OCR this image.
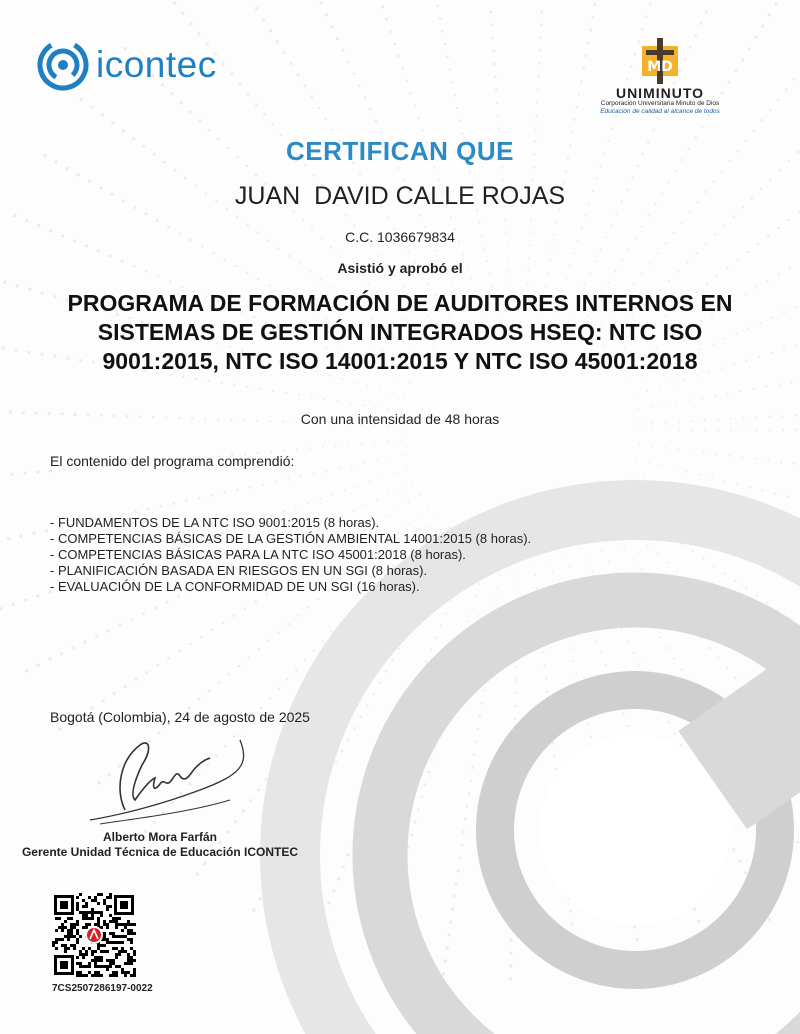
icontec	MD
UNIMINUTO
Corporación Universitaria Minuto de Dios
Educación de calidad al alcance de todos
CERTIFICAN QUE
JUAN  DAVID CALLE ROJAS
C.C. 1036679834
Asistió y aprobó el
PROGRAMA DE FORMACIÓN DE AUDITORES INTERNOS EN SISTEMAS DE GESTIÓN INTEGRADOS HSEQ: NTC ISO 9001:2015, NTC ISO 14001:2015 Y NTC ISO 45001:2018
Con una intensidad de 48 horas
El contenido del programa comprendió:
- FUNDAMENTOS DE LA NTC ISO 9001:2015 (8 horas).
- COMPETENCIAS BÁSICAS DE LA GESTIÓN AMBIENTAL 14001:2015 (8 horas).
- COMPETENCIAS BÁSICAS PARA LA NTC ISO 45001:2018 (8 horas).
- PLANIFICACIÓN BASADA EN RIESGOS EN UN SGI (8 horas).
- EVALUACIÓN DE LA CONFORMIDAD DE UN SGI (16 horas).
Bogotá (Colombia), 24 de agosto de 2025
Alberto Mora Farfán
Gerente Unidad Técnica de Educación ICONTEC
7CS2507286197-0022
